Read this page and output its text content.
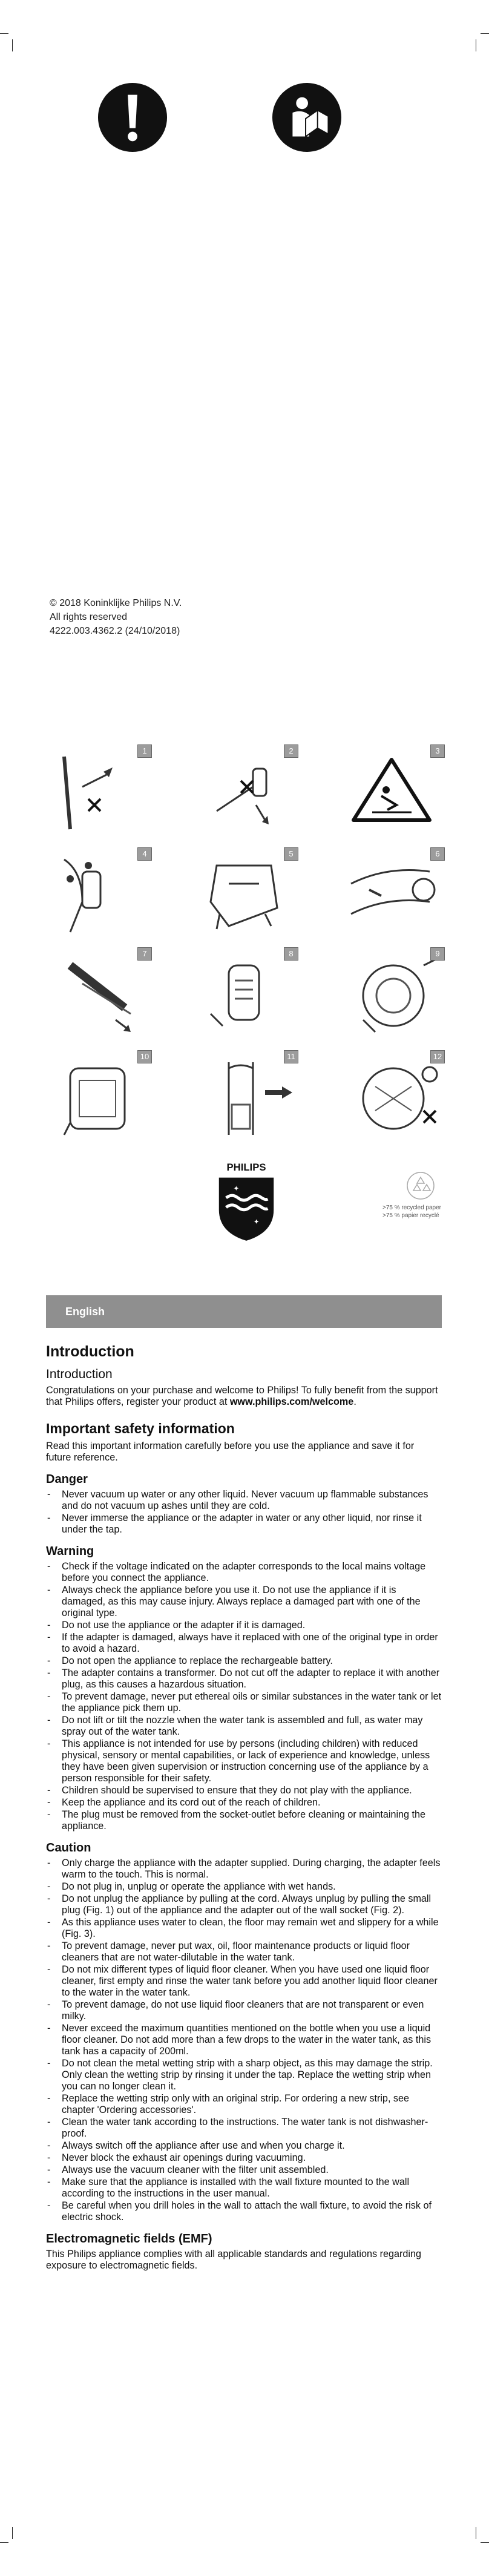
© 2018 Koninklijke Philips N.V.
All rights reserved
4222.003.4362.2 (24/10/2018)
1	2	3
4	5	6
7	8	9
10	11	12
PHILIPS
✦
✦
>75 % recycled paper
>75 % papier recyclé
English
Introduction
Introduction

Congratulations on your purchase and welcome to Philips! To fully benefit from the support that Philips offers, register your product at www.philips.com/welcome.

Important safety information

Read this important information carefully before you use the appliance and save it for future reference.

Danger
- Never vacuum up water or any other liquid. Never vacuum up flammable substances and do not vacuum up ashes until they are cold.
- Never immerse the appliance or the adapter in water or any other liquid, nor rinse it under the tap.
Warning
- Check if the voltage indicated on the adapter corresponds to the local mains voltage before you connect the appliance.
- Always check the appliance before you use it. Do not use the appliance if it is damaged, as this may cause injury. Always replace a damaged part with one of the original type.
- Do not use the appliance or the adapter if it is damaged.
- If the adapter is damaged, always have it replaced with one of the original type in order to avoid a hazard.
- Do not open the appliance to replace the rechargeable battery.
- The adapter contains a transformer. Do not cut off the adapter to replace it with another plug, as this causes a hazardous situation.
- To prevent damage, never put ethereal oils or similar substances in the water tank or let the appliance pick them up.
- Do not lift or tilt the nozzle when the water tank is assembled and full, as water may spray out of the water tank.
- This appliance is not intended for use by persons (including children) with reduced physical, sensory or mental capabilities, or lack of experience and knowledge, unless they have been given supervision or instruction concerning use of the appliance by a person responsible for their safety.
- Children should be supervised to ensure that they do not play with the appliance.
- Keep the appliance and its cord out of the reach of children.
- The plug must be removed from the socket-outlet before cleaning or maintaining the appliance.
Caution
- Only charge the appliance with the adapter supplied. During charging, the adapter feels warm to the touch. This is normal.
- Do not plug in, unplug or operate the appliance with wet hands.
- Do not unplug the appliance by pulling at the cord. Always unplug by pulling the small plug (Fig. 1) out of the appliance and the adapter out of the wall socket (Fig. 2).
- As this appliance uses water to clean, the floor may remain wet and slippery for a while (Fig. 3).
- To prevent damage, never put wax, oil, floor maintenance products or liquid floor cleaners that are not water-dilutable in the water tank.
- Do not mix different types of liquid floor cleaner. When you have used one liquid floor cleaner, first empty and rinse the water tank before you add another liquid floor cleaner to the water in the water tank.
- To prevent damage, do not use liquid floor cleaners that are not transparent or even milky.
- Never exceed the maximum quantities mentioned on the bottle when you use a liquid floor cleaner. Do not add more than a few drops to the water in the water tank, as this tank has a capacity of 200ml.
- Do not clean the metal wetting strip with a sharp object, as this may damage the strip. Only clean the wetting strip by rinsing it under the tap. Replace the wetting strip when you can no longer clean it.
- Replace the wetting strip only with an original strip. For ordering a new strip, see chapter 'Ordering accessories'.
- Clean the water tank according to the instructions. The water tank is not dishwasher-proof.
- Always switch off the appliance after use and when you charge it.
- Never block the exhaust air openings during vacuuming.
- Always use the vacuum cleaner with the filter unit assembled.
- Make sure that the appliance is installed with the wall fixture mounted to the wall according to the instructions in the user manual.
- Be careful when you drill holes in the wall to attach the wall fixture, to avoid the risk of electric shock.
Electromagnetic fields (EMF)

This Philips appliance complies with all applicable standards and regulations regarding exposure to electromagnetic fields.
